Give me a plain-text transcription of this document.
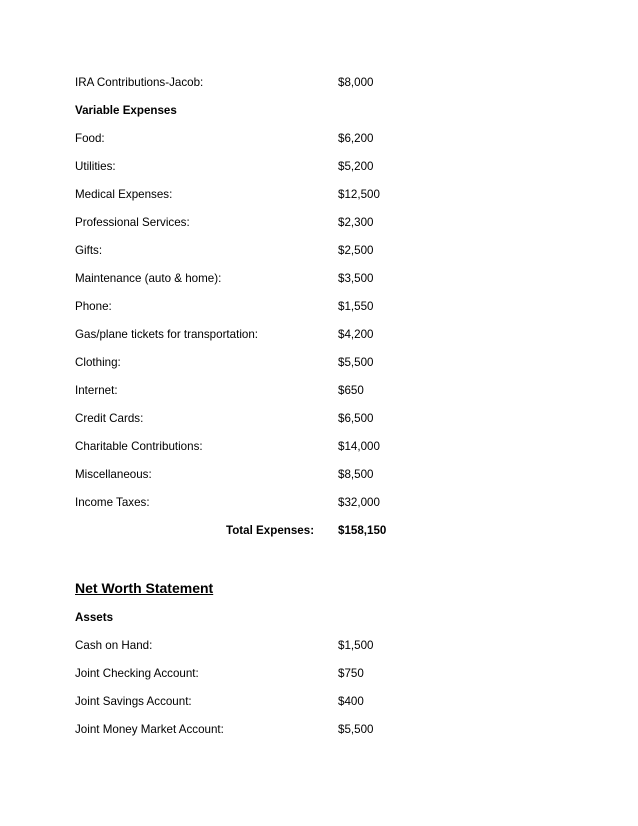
IRA Contributions-Jacob:	$8,000
Variable Expenses
Food:	$6,200
Utilities:	$5,200
Medical Expenses:	$12,500
Professional Services:	$2,300
Gifts:	$2,500
Maintenance (auto & home):	$3,500
Phone:	$1,550
Gas/plane tickets for transportation:	$4,200
Clothing:	$5,500
Internet:	$650
Credit Cards:	$6,500
Charitable Contributions:	$14,000
Miscellaneous:	$8,500
Income Taxes:	$32,000
Total Expenses: $158,150
Net Worth Statement
Assets
Cash on Hand:	$1,500
Joint Checking Account:	$750
Joint Savings Account:	$400
Joint Money Market Account:	$5,500
